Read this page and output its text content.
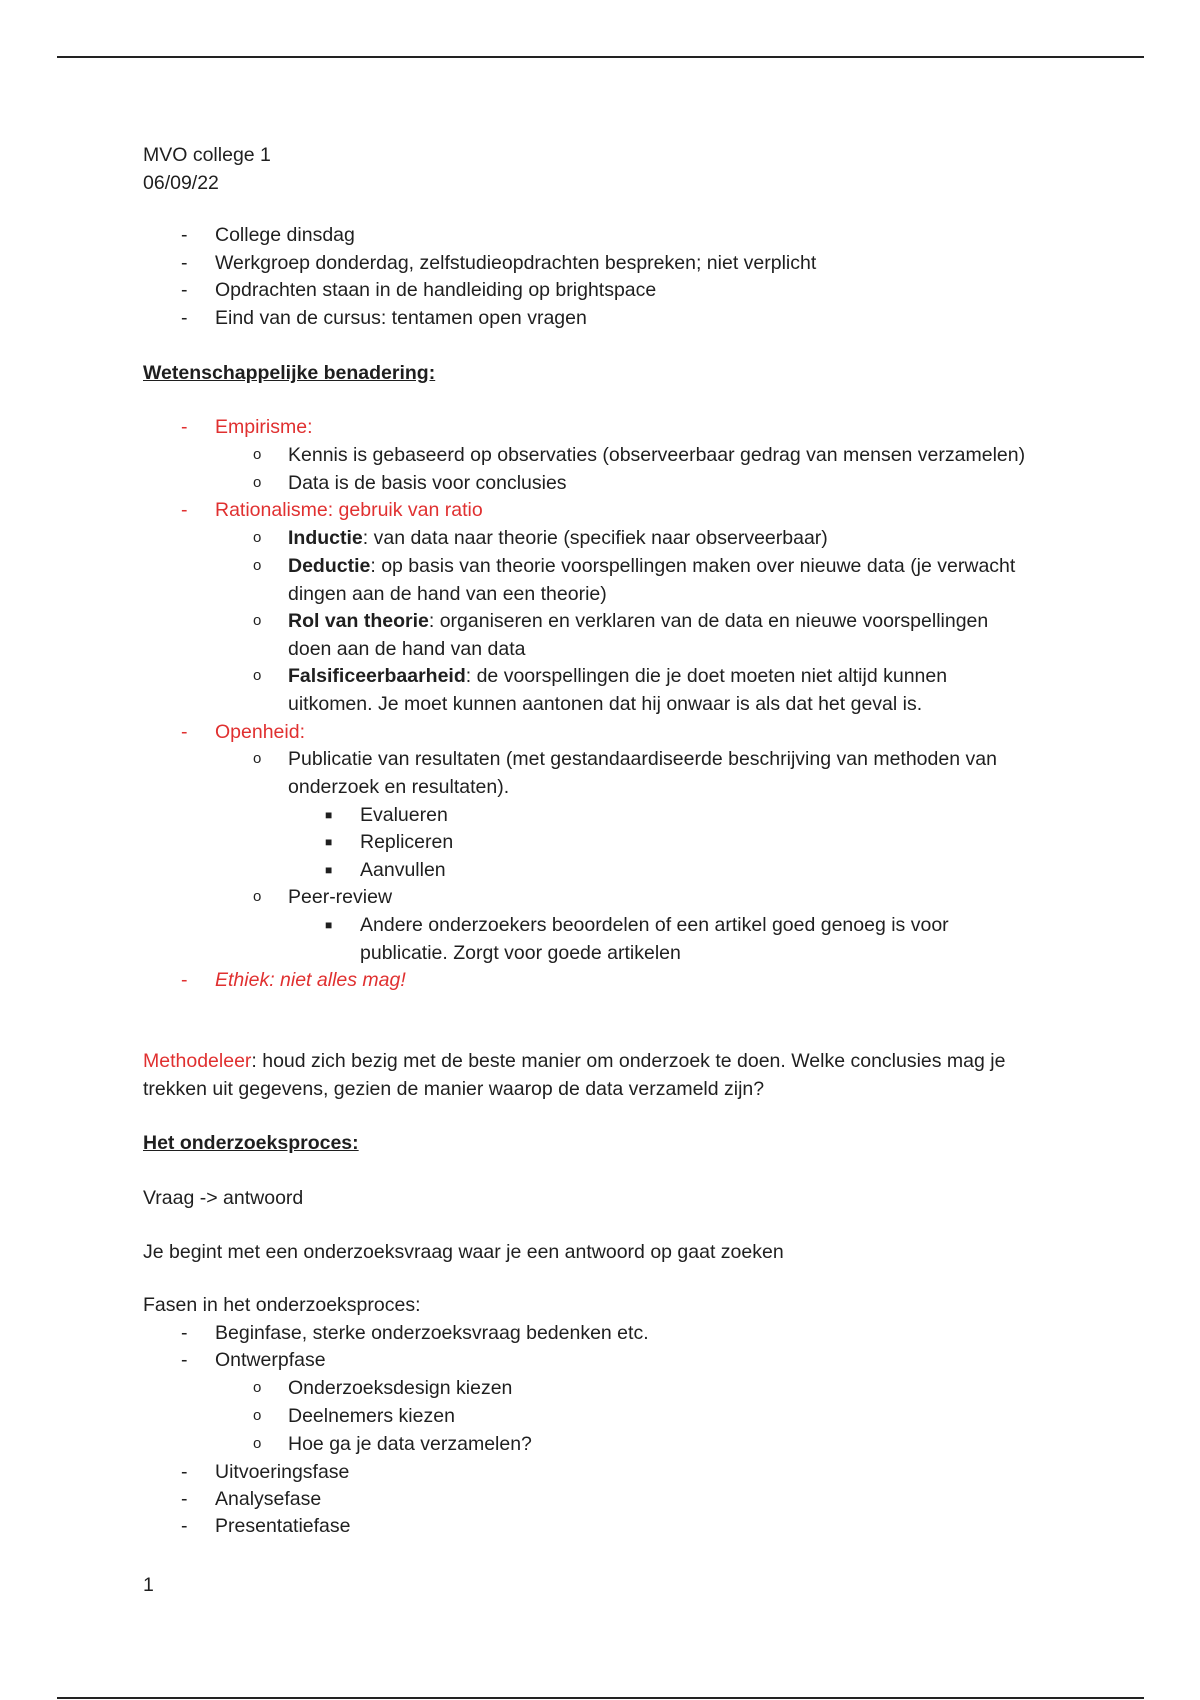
MVO college 1
06/09/22
- College dinsdag
- Werkgroep donderdag, zelfstudieopdrachten bespreken; niet verplicht
- Opdrachten staan in de handleiding op brightspace
- Eind van de cursus: tentamen open vragen
Wetenschappelijke benadering:
- Empirisme:
o Kennis is gebaseerd op observaties (observeerbaar gedrag van mensen verzamelen)
o Data is de basis voor conclusies
- Rationalisme: gebruik van ratio
o Inductie: van data naar theorie (specifiek naar observeerbaar)
o Deductie: op basis van theorie voorspellingen maken over nieuwe data (je verwacht
dingen aan de hand van een theorie)
o Rol van theorie: organiseren en verklaren van de data en nieuwe voorspellingen
doen aan de hand van data
o Falsificeerbaarheid: de voorspellingen die je doet moeten niet altijd kunnen
uitkomen. Je moet kunnen aantonen dat hij onwaar is als dat het geval is.
- Openheid:
o Publicatie van resultaten (met gestandaardiseerde beschrijving van methoden van
onderzoek en resultaten).
■ Evalueren
■ Repliceren
■ Aanvullen
o Peer-review
■ Andere onderzoekers beoordelen of een artikel goed genoeg is voor
publicatie. Zorgt voor goede artikelen
- Ethiek: niet alles mag!
Methodeleer: houd zich bezig met de beste manier om onderzoek te doen. Welke conclusies mag je
trekken uit gegevens, gezien de manier waarop de data verzameld zijn?
Het onderzoeksproces:
Vraag -> antwoord
Je begint met een onderzoeksvraag waar je een antwoord op gaat zoeken
Fasen in het onderzoeksproces:
- Beginfase, sterke onderzoeksvraag bedenken etc.
- Ontwerpfase
o Onderzoeksdesign kiezen
o Deelnemers kiezen
o Hoe ga je data verzamelen?
- Uitvoeringsfase
- Analysefase
- Presentatiefase
1
